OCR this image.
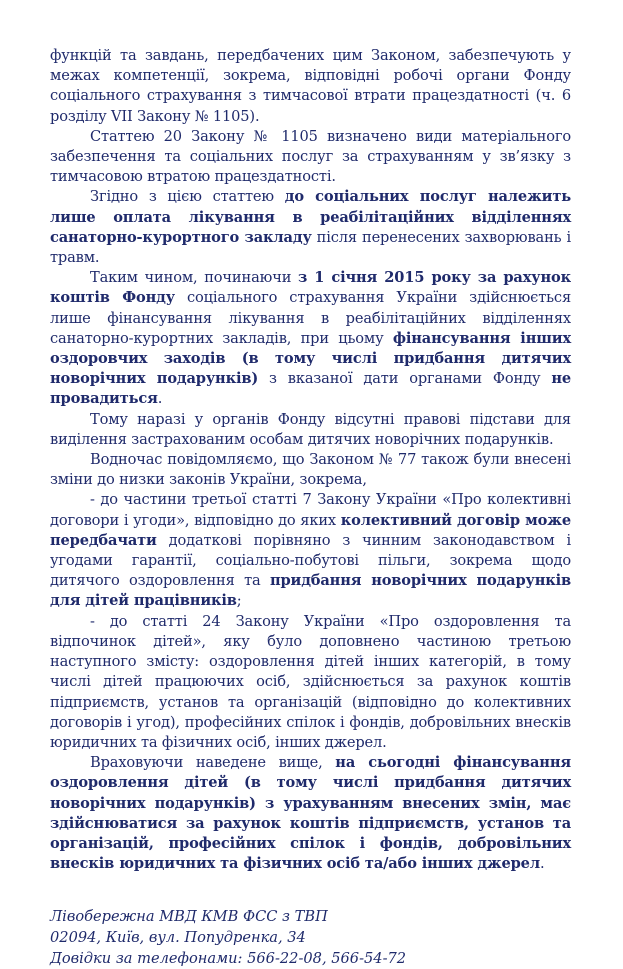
функцій та завдань, передбачених цим Законом, забезпечують у межах компетенції, зокрема, відповідні робочі органи Фонду соціального страхування з тимчасової втрати працездатності (ч. 6 розділу VII Закону № 1105).

Статтею 20 Закону № 1105 визначено види матеріального забезпечення та соціальних послуг за страхуванням у зв’язку з тимчасовою втратою працездатності.

Згідно з цією статтею до соціальних послуг належить лише оплата лікування в реабілітаційних відділеннях санаторно-курортного закладу після перенесених захворювань і травм.

Таким чином, починаючи з 1 січня 2015 року за рахунок коштів Фонду соціального страхування України здійснюється лише фінансування лікування в реабілітаційних відділеннях санаторно-курортних закладів, при цьому фінансування інших оздоровчих заходів (в тому числі придбання дитячих новорічних подарунків) з вказаної дати органами Фонду не провадиться.

Тому наразі у органів Фонду відсутні правові підстави для виділення застрахованим особам дитячих новорічних подарунків.

Водночас повідомляємо, що Законом № 77 також були внесені зміни до низки законів України, зокрема,

- до частини третьої статті 7 Закону України «Про колективні договори і угоди», відповідно до яких колективний договір може передбачати додаткові порівняно з чинним законодавством і угодами гарантії, соціально-побутові пільги, зокрема щодо дитячого оздоровлення та придбання новорічних подарунків для дітей працівників;

- до статті 24 Закону України «Про оздоровлення та відпочинок дітей», яку було доповнено частиною третьою наступного змісту: оздоровлення дітей інших категорій, в тому числі дітей працюючих осіб, здійснюється за рахунок коштів підприємств, установ та організацій (відповідно до колективних договорів і угод), професійних спілок і фондів, добровільних внесків юридичних та фізичних осіб, інших джерел.

Враховуючи наведене вище, на сьогодні фінансування оздоровлення дітей (в тому числі придбання дитячих новорічних подарунків) з урахуванням внесених змін, має здійснюватися за рахунок коштів підприємств, установ та організацій, професійних спілок і фондів, добровільних внесків юридичних та фізичних осіб та/або інших джерел.

Лівобережна МВД КМВ ФСС з ТВП
02094, Київ, вул. Попудренка, 34
Довідки за телефонами: 566-22-08, 566-54-72
